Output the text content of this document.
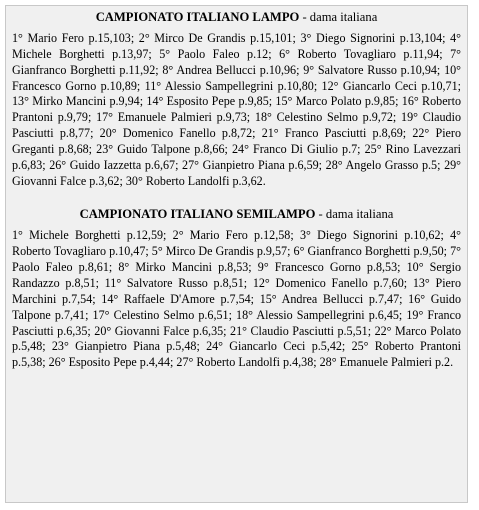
CAMPIONATO ITALIANO LAMPO - dama italiana

1° Mario Fero p.15,103; 2° Mirco De Grandis p.15,101; 3° Diego Signorini p.13,104; 4° Michele Borghetti p.13,97; 5° Paolo Faleo p.12; 6° Roberto Tovagliaro p.11,94; 7° Gianfranco Borghetti p.11,92; 8° Andrea Bellucci p.10,96; 9° Salvatore Russo p.10,94; 10° Francesco Gorno p.10,89; 11° Alessio Sampellegrini p.10,80; 12° Giancarlo Ceci p.10,71; 13° Mirko Mancini p.9,94; 14° Esposito Pepe p.9,85; 15° Marco Polato p.9,85; 16° Roberto Prantoni p.9,79; 17° Emanuele Palmieri p.9,73; 18° Celestino Selmo p.9,72; 19° Claudio Pasciutti p.8,77; 20° Domenico Fanello p.8,72; 21° Franco Pasciutti p.8,69; 22° Piero Greganti p.8,68; 23° Guido Talpone p.8,66; 24° Franco Di Giulio p.7; 25° Rino Lavezzari p.6,83; 26° Guido Iazzetta p.6,67; 27° Gianpietro Piana p.6,59; 28° Angelo Grasso p.5; 29° Giovanni Falce p.3,62; 30° Roberto Landolfi p.3,62.

CAMPIONATO ITALIANO SEMILAMPO - dama italiana

1° Michele Borghetti p.12,59; 2° Mario Fero p.12,58; 3° Diego Signorini p.10,62; 4° Roberto Tovagliaro p.10,47; 5° Mirco De Grandis p.9,57; 6° Gianfranco Borghetti p.9,50; 7° Paolo Faleo p.8,61; 8° Mirko Mancini p.8,53; 9° Francesco Gorno p.8,53; 10° Sergio Randazzo p.8,51; 11° Salvatore Russo p.8,51; 12° Domenico Fanello p.7,60; 13° Piero Marchini p.7,54; 14° Raffaele D'Amore p.7,54; 15° Andrea Bellucci p.7,47; 16° Guido Talpone p.7,41; 17° Celestino Selmo p.6,51; 18° Alessio Sampellegrini p.6,45; 19° Franco Pasciutti p.6,35; 20° Giovanni Falce p.6,35; 21° Claudio Pasciutti p.5,51; 22° Marco Polato p.5,48; 23° Gianpietro Piana p.5,48; 24° Giancarlo Ceci p.5,42; 25° Roberto Prantoni p.5,38; 26° Esposito Pepe p.4,44; 27° Roberto Landolfi p.4,38; 28° Emanuele Palmieri p.2.
